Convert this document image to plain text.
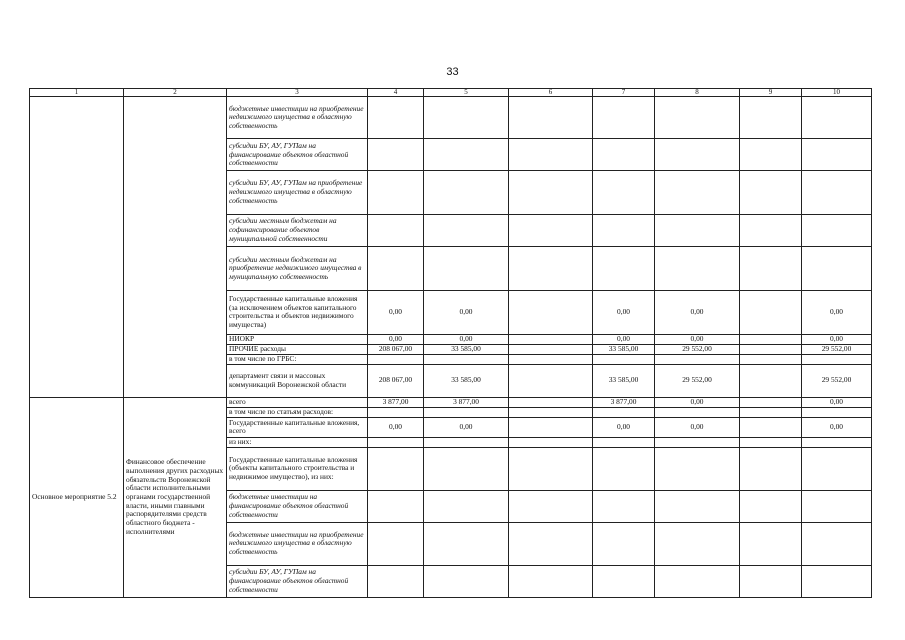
33
1	2	3	4	5	6	7	8	9	10
		бюджетные инвестиции на приобретение недвижимого имущества в областную собственность							
		субсидии БУ, АУ, ГУПам на финансирование объектов областной собственности							
		субсидии БУ, АУ, ГУПам на приобретение недвижимого имущества в областную собственность							
		субсидии местным бюджетам на софинансирование объектов муниципальной собственности							
		субсидии местным бюджетам на приобретение недвижимого имущества в муниципальную собственность							
		Государственные капитальные вложения (за исключением объектов капитального строительства и объектов недвижимого имущества)	0,00	0,00		0,00	0,00		0,00
		НИОКР	0,00	0,00		0,00	0,00		0,00
		ПРОЧИЕ расходы	208 067,00	33 585,00		33 585,00	29 552,00		29 552,00
		в том числе по ГРБС:							
		департамент связи и массовых коммуникаций Воронежской области	208 067,00	33 585,00		33 585,00	29 552,00		29 552,00
Основное мероприятие 5.2	Финансовое обеспечение выполнения других расходных обязательств Воронежской области исполнительными органами государственной власти, иными главными распорядителями средств областного бюджета - исполнителями	всего	3 877,00	3 877,00		3 877,00	0,00		0,00
		в том числе по статьям расходов:							
		Государственные капитальные вложения, всего	0,00	0,00		0,00	0,00		0,00
		из них:							
		Государственные капитальные вложения (объекты капитального строительства и недвижимое имущество), из них:							
		бюджетные инвестиции на финансирование объектов областной собственности							
		бюджетные инвестиции на приобретение недвижимого имущества в областную собственность							
		субсидии БУ, АУ, ГУПам на финансирование объектов областной собственности							
